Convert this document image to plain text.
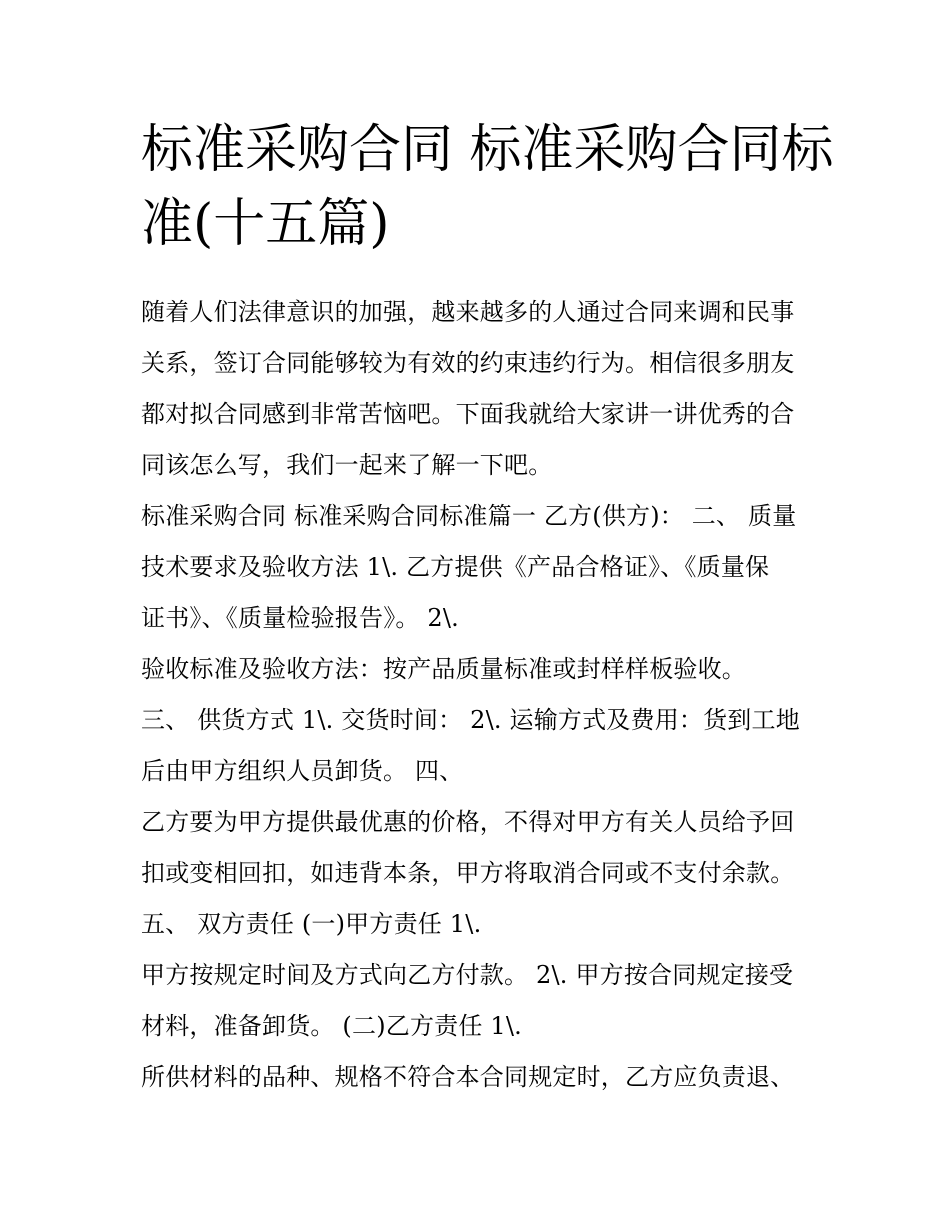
标准采购合同 标准采购合同标
准(十五篇)

随着人们法律意识的加强，越来越多的人通过合同来调和民事
关系，签订合同能够较为有效的约束违约行为。相信很多朋友
都对拟合同感到非常苦恼吧。下面我就给大家讲一讲优秀的合
同该怎么写，我们一起来了解一下吧。

标准采购合同 标准采购合同标准篇一 乙方(供方)： 二、 质量
技术要求及验收方法 1\. 乙方提供《产品合格证》、《质量保
证书》、《质量检验报告》。 2\.

验收标准及验收方法：按产品质量标准或封样样板验收。

三、 供货方式 1\. 交货时间： 2\. 运输方式及费用：货到工地
后由甲方组织人员卸货。 四、

乙方要为甲方提供最优惠的价格，不得对甲方有关人员给予回
扣或变相回扣，如违背本条，甲方将取消合同或不支付余款。

五、 双方责任 (一)甲方责任 1\.

甲方按规定时间及方式向乙方付款。 2\. 甲方按合同规定接受
材料，准备卸货。 (二)乙方责任 1\.

所供材料的品种、规格不符合本合同规定时，乙方应负责退、
